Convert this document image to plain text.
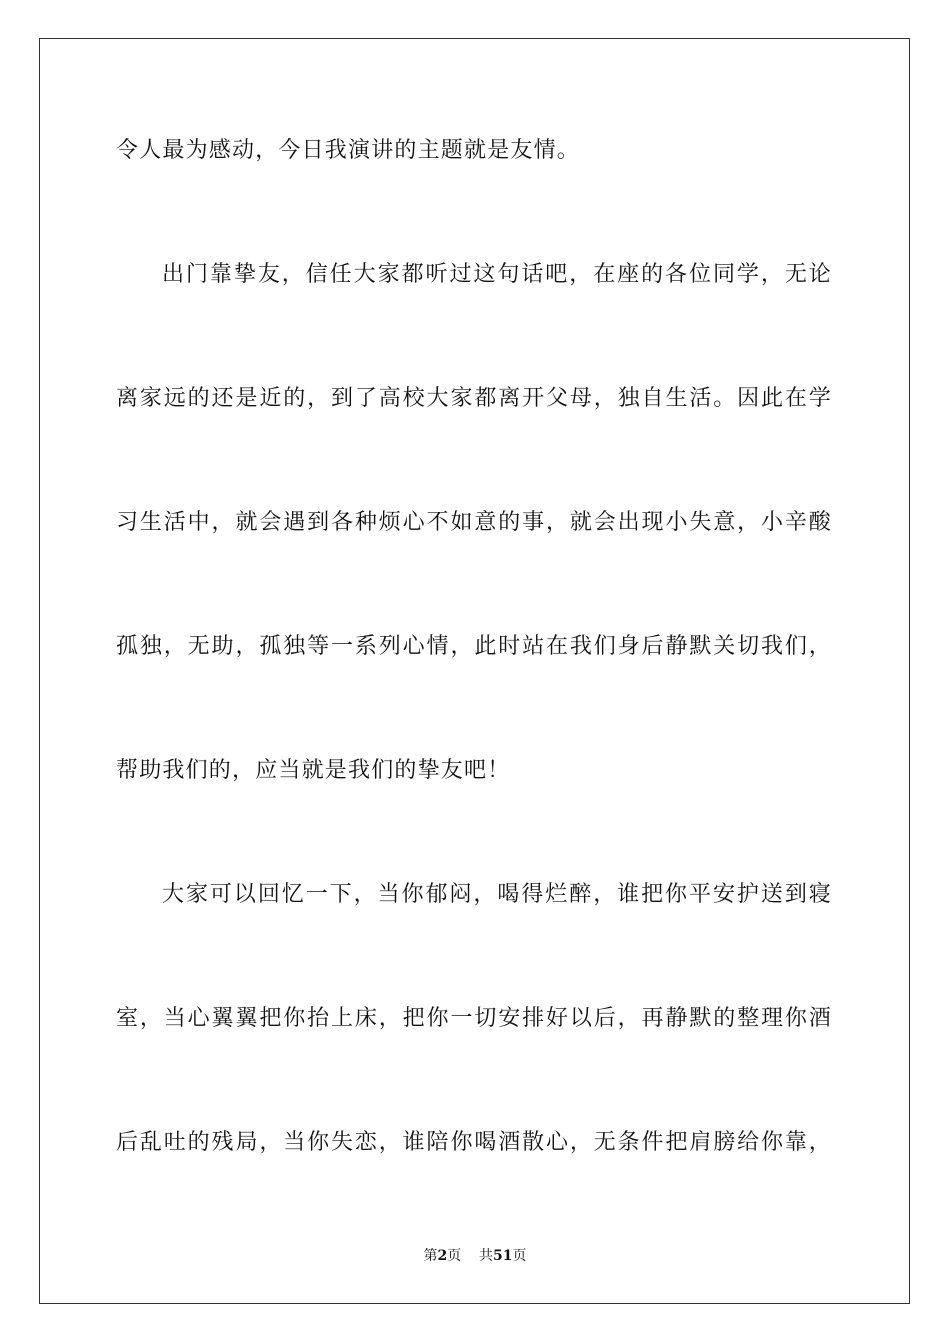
令人最为感动，今日我演讲的主题就是友情。
出门靠挚友，信任大家都听过这句话吧，在座的各位同学，无论
离家远的还是近的，到了高校大家都离开父母，独自生活。因此在学
习生活中，就会遇到各种烦心不如意的事，就会出现小失意，小辛酸
孤独，无助，孤独等一系列心情，此时站在我们身后静默关切我们，
帮助我们的，应当就是我们的挚友吧！
大家可以回忆一下，当你郁闷，喝得烂醉，谁把你平安护送到寝
室，当心翼翼把你抬上床，把你一切安排好以后，再静默的整理你酒
后乱吐的残局，当你失恋，谁陪你喝酒散心，无条件把肩膀给你靠，
第2页 共51页
